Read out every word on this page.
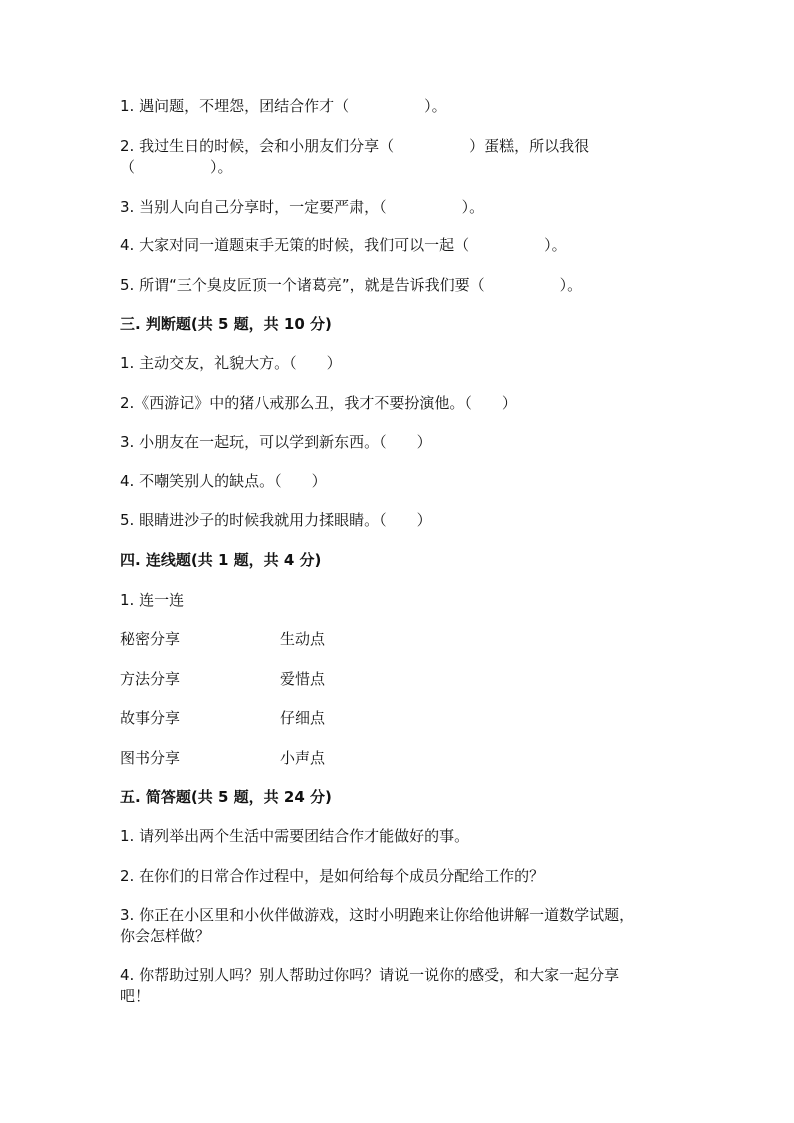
1. 遇问题，不埋怨，团结合作才（　　　　　）。
2. 我过生日的时候，会和小朋友们分享（　　　　　）蛋糕，所以我很
（　　　　　）。
3. 当别人向自己分享时，一定要严肃，（　　　　　）。
4. 大家对同一道题束手无策的时候，我们可以一起（　　　　　）。
5. 所谓“三个臭皮匠顶一个诸葛亮”，就是告诉我们要（　　　　　）。
三. 判断题(共 5 题，共 10 分)
1. 主动交友，礼貌大方。（　　）
2.《西游记》中的猪八戒那么丑，我才不要扮演他。（　　）
3. 小朋友在一起玩，可以学到新东西。（　　）
4. 不嘲笑别人的缺点。（　　）
5. 眼睛进沙子的时候我就用力揉眼睛。（　　）
四. 连线题(共 1 题，共 4 分)
1. 连一连
秘密分享	生动点
方法分享	爱惜点
故事分享	仔细点
图书分享	小声点
五. 简答题(共 5 题，共 24 分)
1. 请列举出两个生活中需要团结合作才能做好的事。
2. 在你们的日常合作过程中，是如何给每个成员分配给工作的？
3. 你正在小区里和小伙伴做游戏，这时小明跑来让你给他讲解一道数学试题，
你会怎样做？
4. 你帮助过别人吗？别人帮助过你吗？请说一说你的感受，和大家一起分享
吧！
